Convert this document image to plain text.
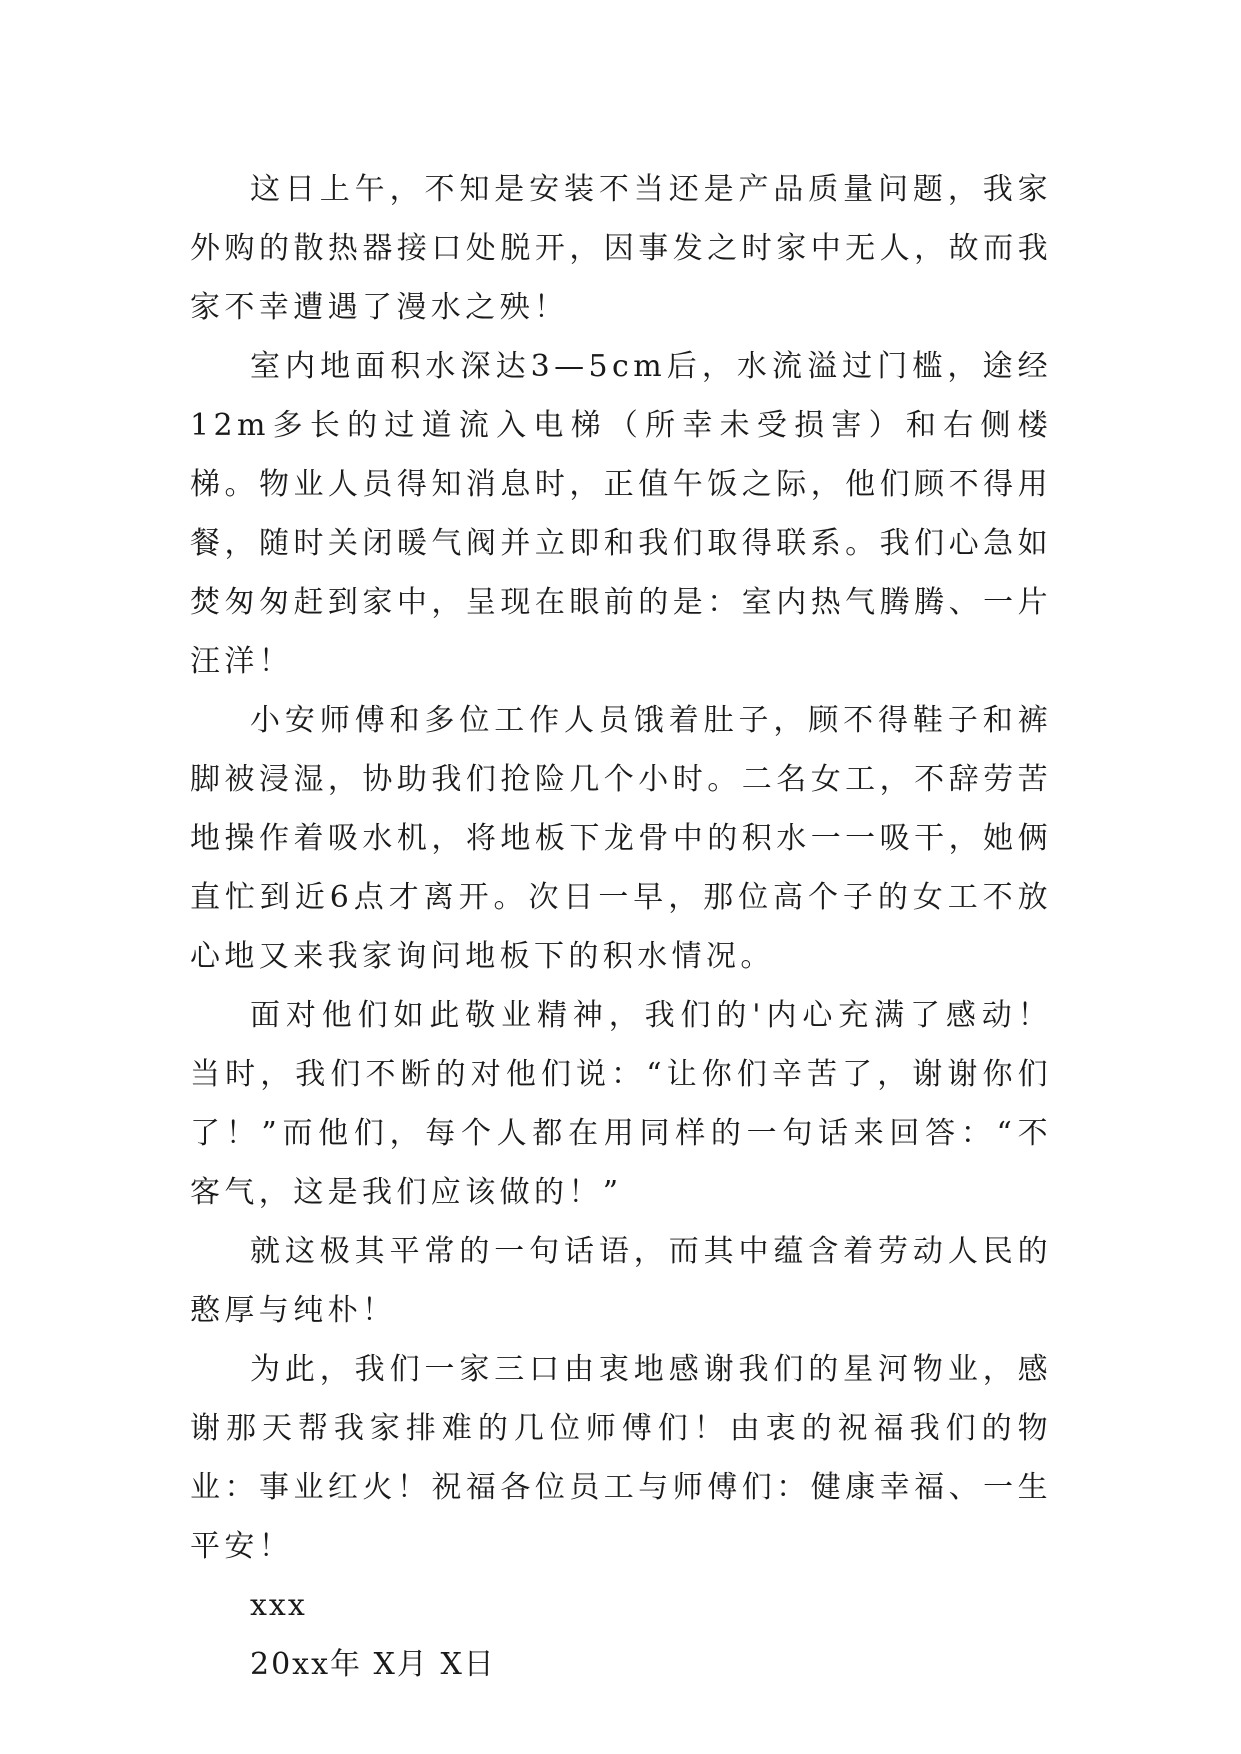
这日上午，不知是安装不当还是产品质量问题，我家外购的散热器接口处脱开，因事发之时家中无人，故而我家不幸遭遇了漫水之殃！

室内地面积水深达3—5cm后，水流溢过门槛，途经12m多长的过道流入电梯（所幸未受损害）和右侧楼梯。物业人员得知消息时，正值午饭之际，他们顾不得用餐，随时关闭暖气阀并立即和我们取得联系。我们心急如焚匆匆赶到家中，呈现在眼前的是：室内热气腾腾、一片汪洋！

小安师傅和多位工作人员饿着肚子，顾不得鞋子和裤脚被浸湿，协助我们抢险几个小时。二名女工，不辞劳苦地操作着吸水机，将地板下龙骨中的积水一一吸干，她俩直忙到近6点才离开。次日一早，那位高个子的女工不放心地又来我家询问地板下的积水情况。

面对他们如此敬业精神，我们的'内心充满了感动！当时，我们不断的对他们说：“让你们辛苦了，谢谢你们了！”而他们，每个人都在用同样的一句话来回答：“不客气，这是我们应该做的！”

就这极其平常的一句话语，而其中蕴含着劳动人民的憨厚与纯朴！

为此，我们一家三口由衷地感谢我们的星河物业，感谢那天帮我家排难的几位师傅们！由衷的祝福我们的物业：事业红火！祝福各位员工与师傅们：健康幸福、一生平安！

xxx

20xx年 X月 X日
